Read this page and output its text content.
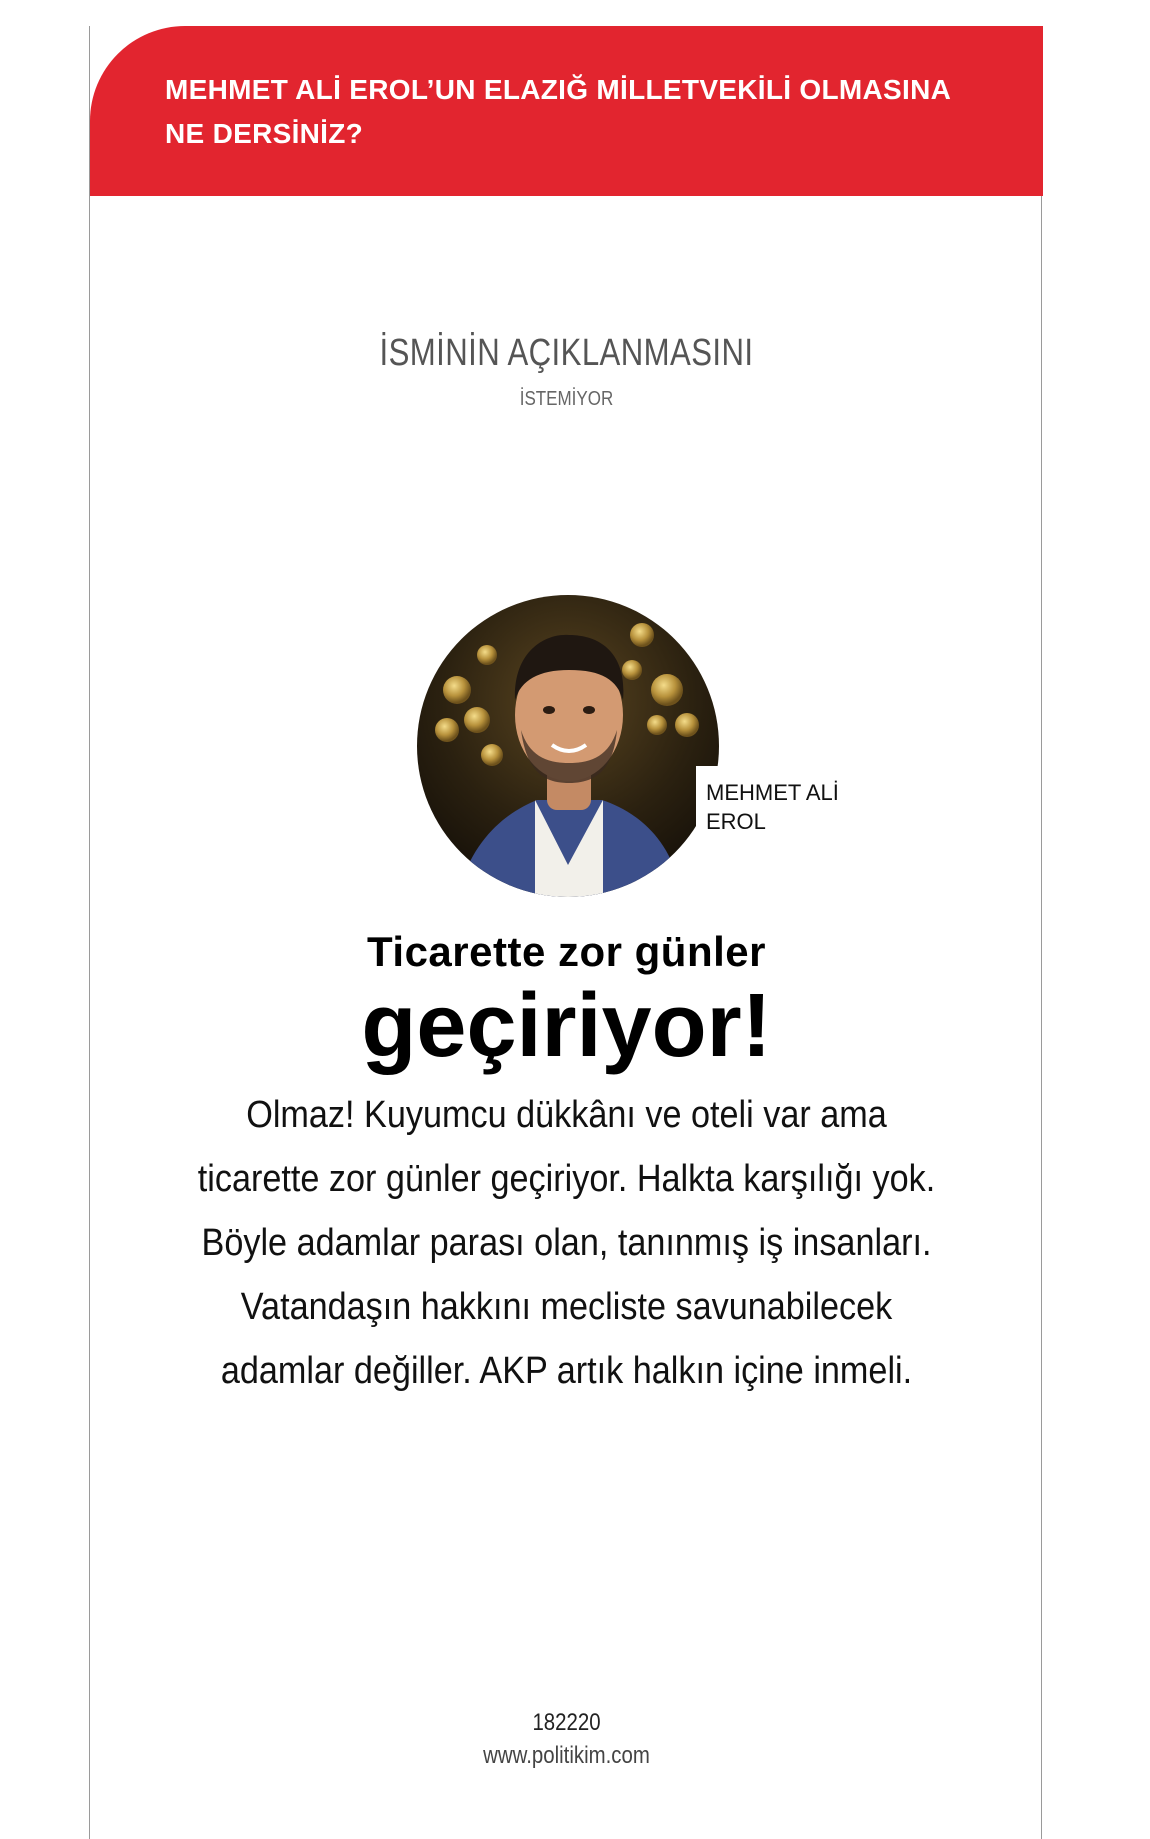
MEHMET ALİ EROL’UN ELAZIĞ MİLLETVEKİLİ OLMASINA NE DERSİNİZ?
İSMİNİN AÇIKLANMASINI
İSTEMİYOR
MEHMET ALİ EROL
Ticarette zor günler
geçiriyor!
Olmaz! Kuyumcu dükkânı ve oteli var ama ticarette zor günler geçiriyor. Halkta karşılığı yok. Böyle adamlar parası olan, tanınmış iş insanları. Vatandaşın hakkını mecliste savunabilecek adamlar değiller. AKP artık halkın içine inmeli.
182220
www.politikim.com
